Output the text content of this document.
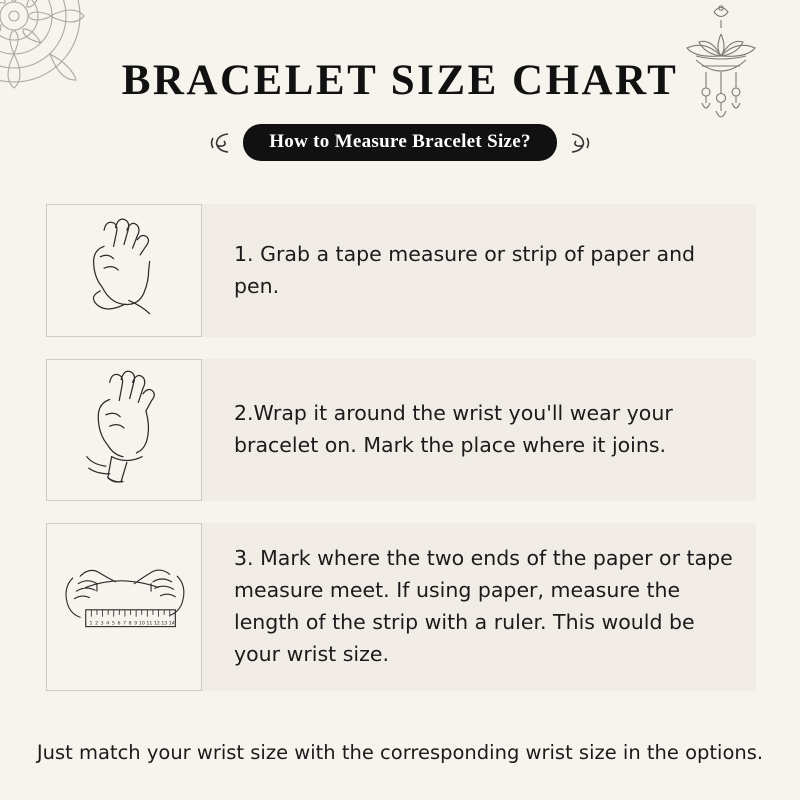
BRACELET SIZE CHART
How to Measure Bracelet Size?
1. Grab a tape measure or strip of paper and pen.
2.Wrap it around the wrist you'll wear your bracelet on. Mark the place where it joins.
1 2 3 4 5 6 7 8 9 10 11 12 13 14
3. Mark where the two ends of the paper or tape measure meet. If using paper, measure the length of the strip with a ruler. This would be your wrist size.
Just match your wrist size with the corresponding wrist size in the options.
